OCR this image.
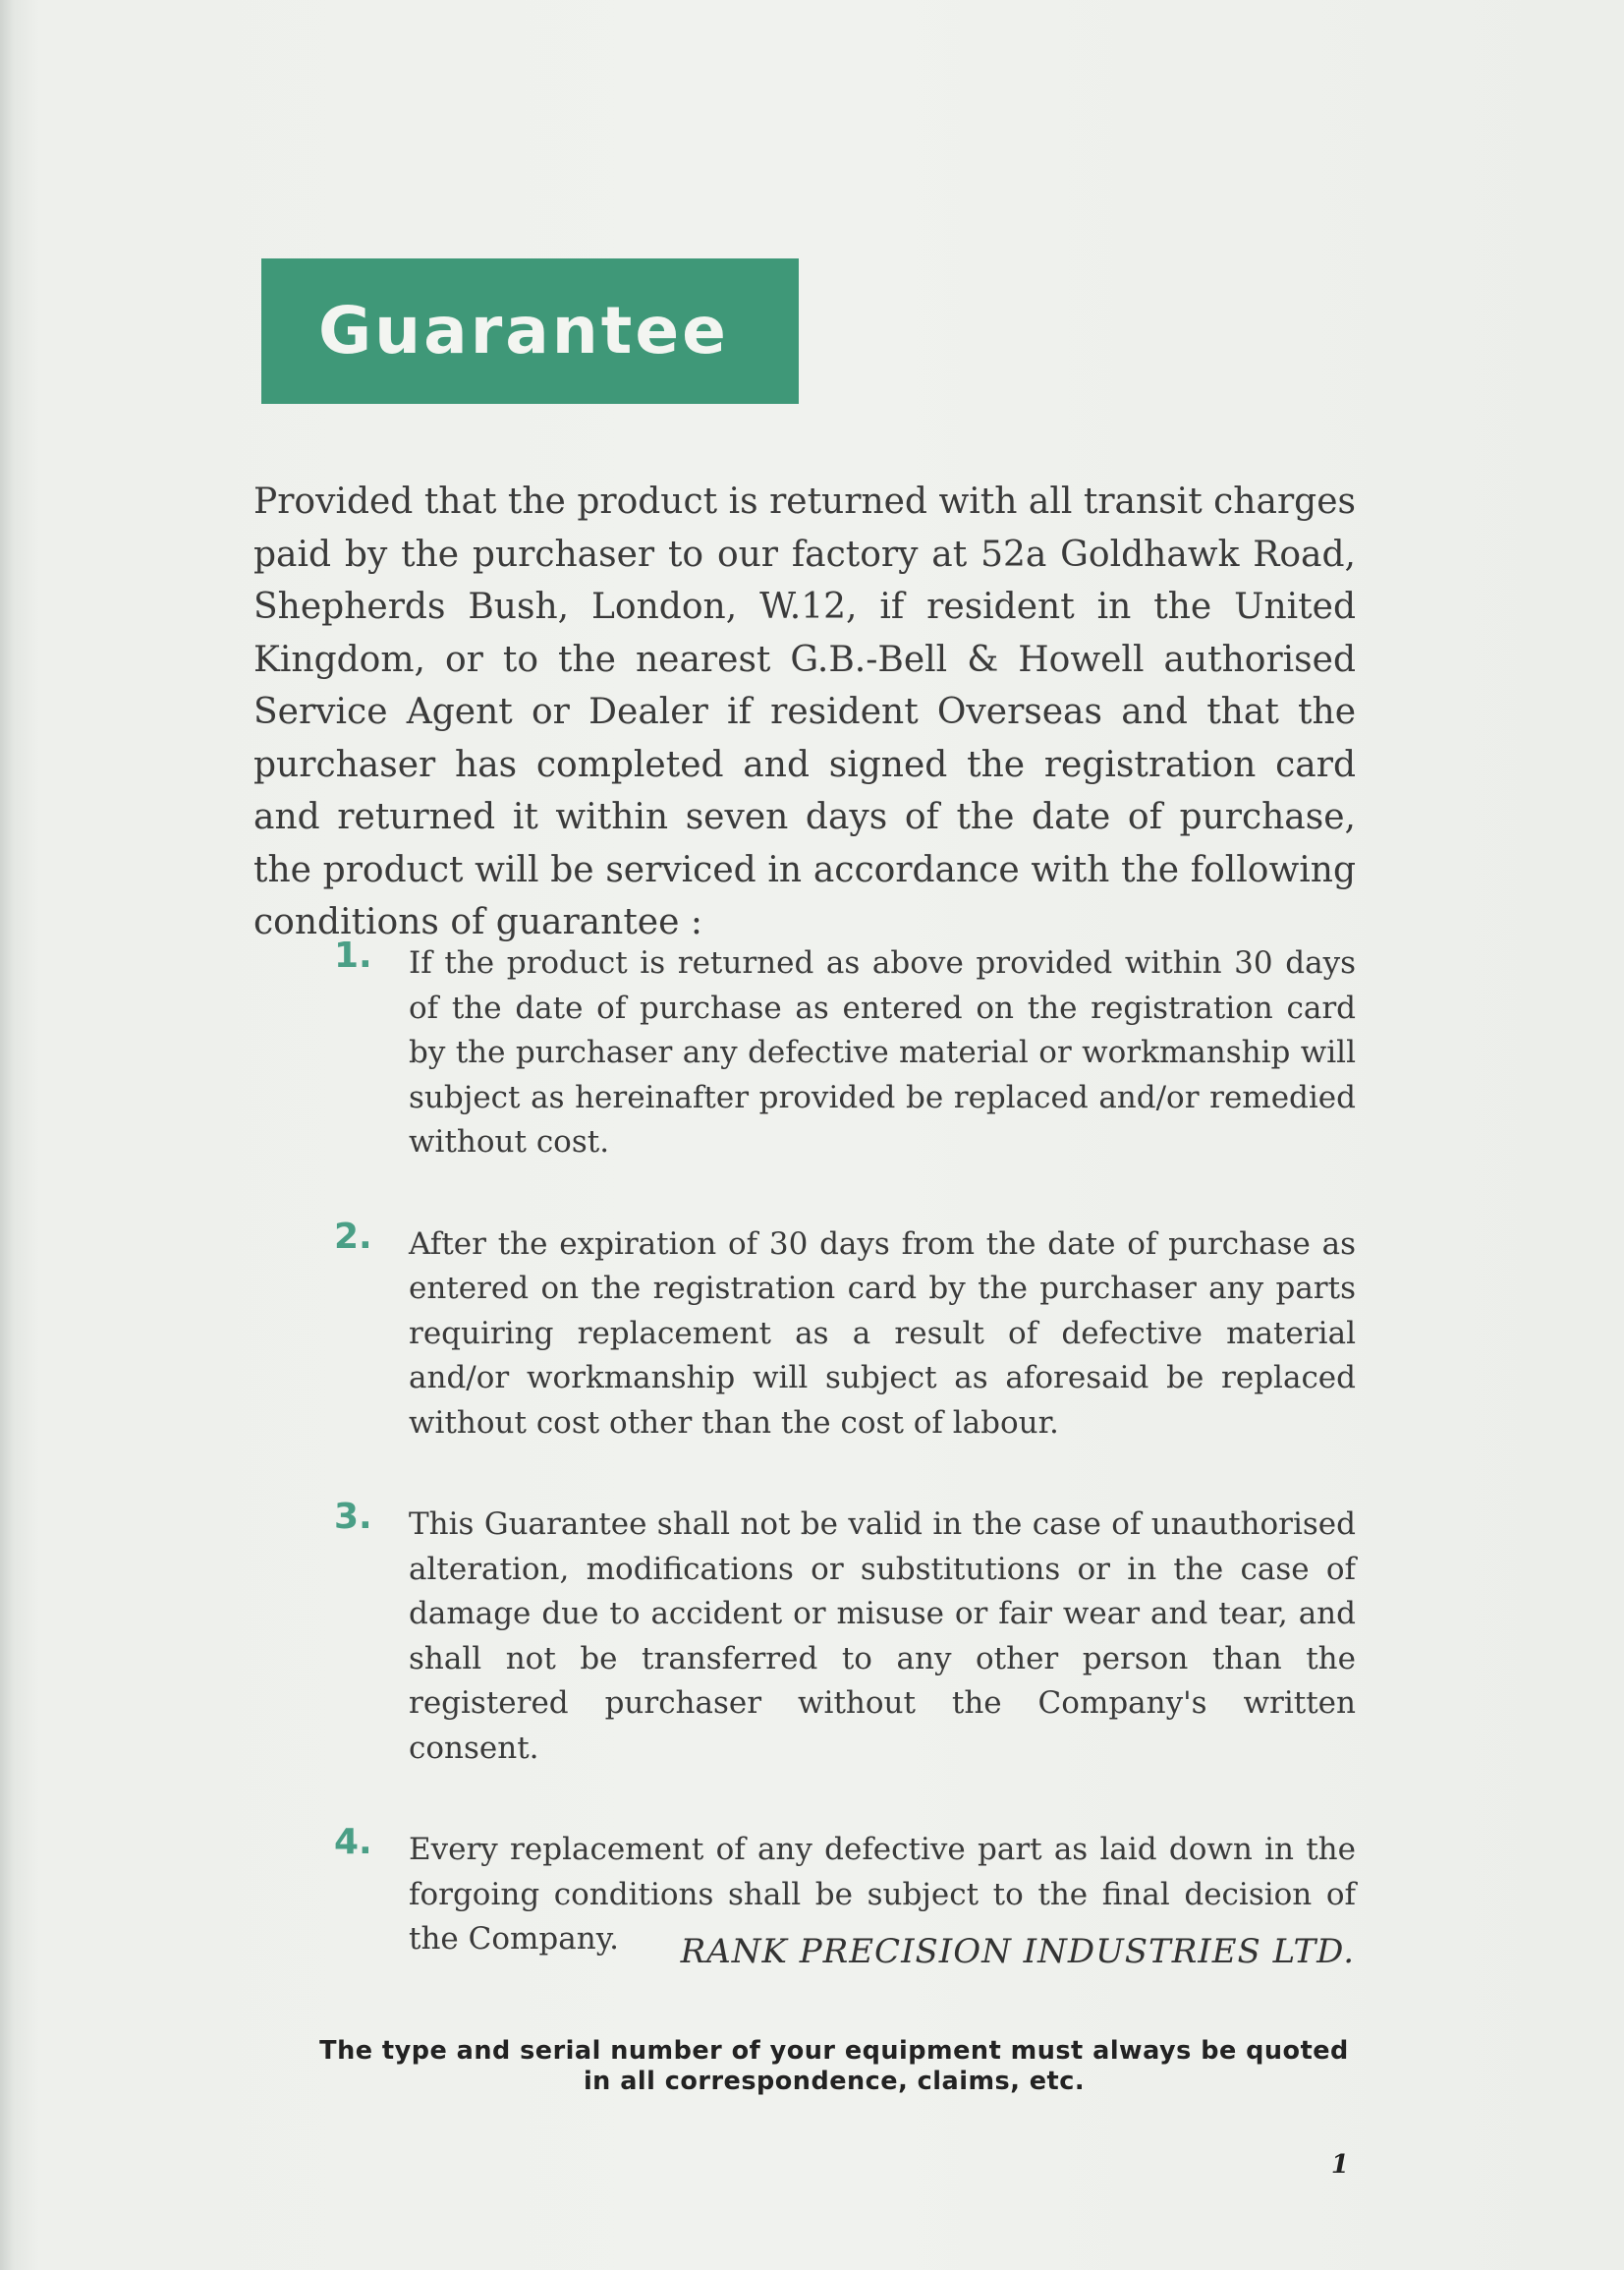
Guarantee

Provided that the product is returned with all transit charges paid by the purchaser to our factory at 52a Goldhawk Road, Shepherds Bush, London, W.12, if resident in the United Kingdom, or to the nearest G.B.-Bell & Howell authorised Service Agent or Dealer if resident Overseas and that the purchaser has completed and signed the registration card and returned it within seven days of the date of purchase, the product will be serviced in accordance with the following conditions of guarantee :

1. If the product is returned as above provided within 30 days of the date of purchase as entered on the registration card by the purchaser any defective material or workmanship will subject as hereinafter provided be replaced and/or remedied without cost.
2. After the expiration of 30 days from the date of purchase as entered on the registration card by the purchaser any parts requiring replacement as a result of defective material and/or workmanship will subject as aforesaid be replaced without cost other than the cost of labour.
3. This Guarantee shall not be valid in the case of unauthorised alteration, modifications or substitutions or in the case of damage due to accident or misuse or fair wear and tear, and shall not be transferred to any other person than the registered purchaser without the Company's written consent.
4. Every replacement of any defective part as laid down in the forgoing conditions shall be subject to the final decision of the Company.	RANK PRECISION INDUSTRIES LTD.

The type and serial number of your equipment must always be quoted in all correspondence, claims, etc.

1
